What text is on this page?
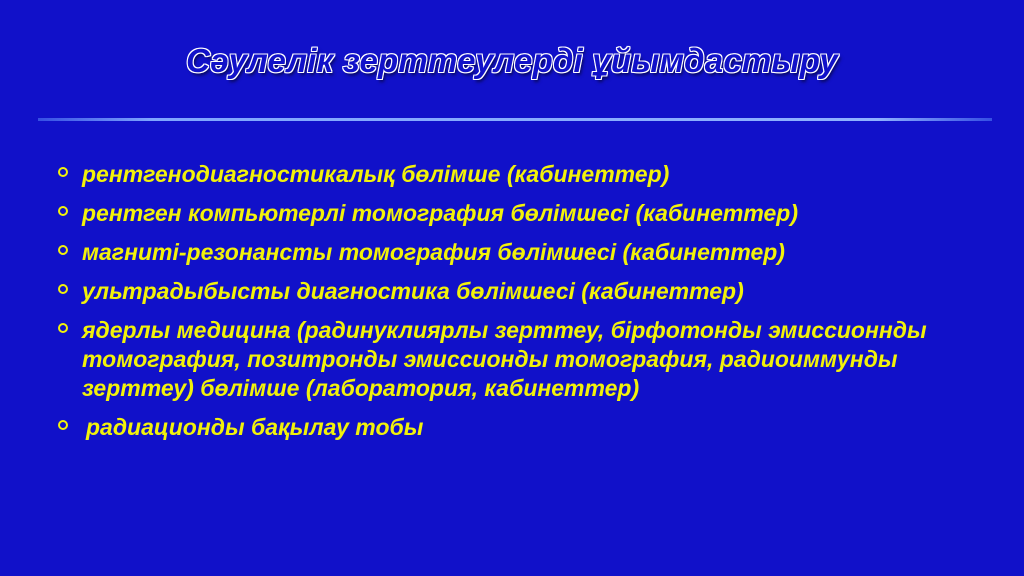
Сәулелік зерттеулерді ұйымдастыру
рентгенодиагностикалық бөлімше (кабинеттер)
рентген компьютерлі томография бөлімшесі (кабинеттер)
магниті-резонансты томография бөлімшесі (кабинеттер)
ультрадыбысты диагностика бөлімшесі (кабинеттер)
ядерлы медицина (радинуклиярлы зерттеу, бірфотонды эмиссионнды томография, позитронды эмиссионды томография, радиоиммунды зерттеу) бөлімше (лаборатория, кабинеттер)
радиационды бақылау тобы
